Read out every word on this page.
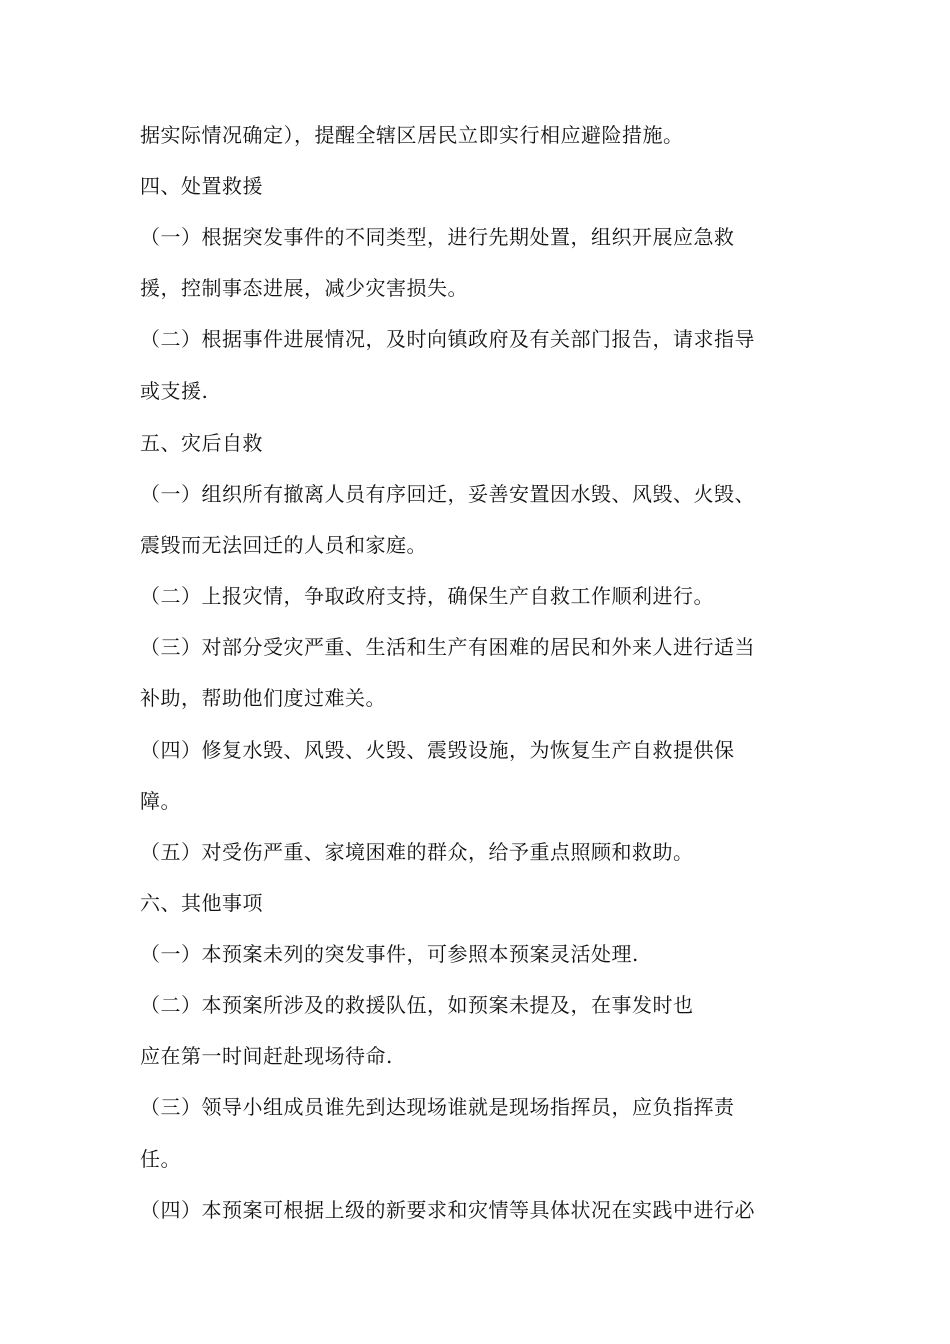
据实际情况确定），提醒全辖区居民立即实行相应避险措施。
四、处置救援
（一）根据突发事件的不同类型，进行先期处置，组织开展应急救
援，控制事态进展，减少灾害损失。
（二）根据事件进展情况，及时向镇政府及有关部门报告，请求指导
或支援.
五、灾后自救
（一）组织所有撤离人员有序回迁，妥善安置因水毁、风毁、火毁、
震毁而无法回迁的人员和家庭。
（二）上报灾情，争取政府支持，确保生产自救工作顺利进行。
（三）对部分受灾严重、生活和生产有困难的居民和外来人进行适当
补助，帮助他们度过难关。
（四）修复水毁、风毁、火毁、震毁设施，为恢复生产自救提供保
障。
（五）对受伤严重、家境困难的群众，给予重点照顾和救助。
六、其他事项
（一）本预案未列的突发事件，可参照本预案灵活处理.
（二）本预案所涉及的救援队伍，如预案未提及，在事发时也
应在第一时间赶赴现场待命.
（三）领导小组成员谁先到达现场谁就是现场指挥员，应负指挥责
任。
（四）本预案可根据上级的新要求和灾情等具体状况在实践中进行必
